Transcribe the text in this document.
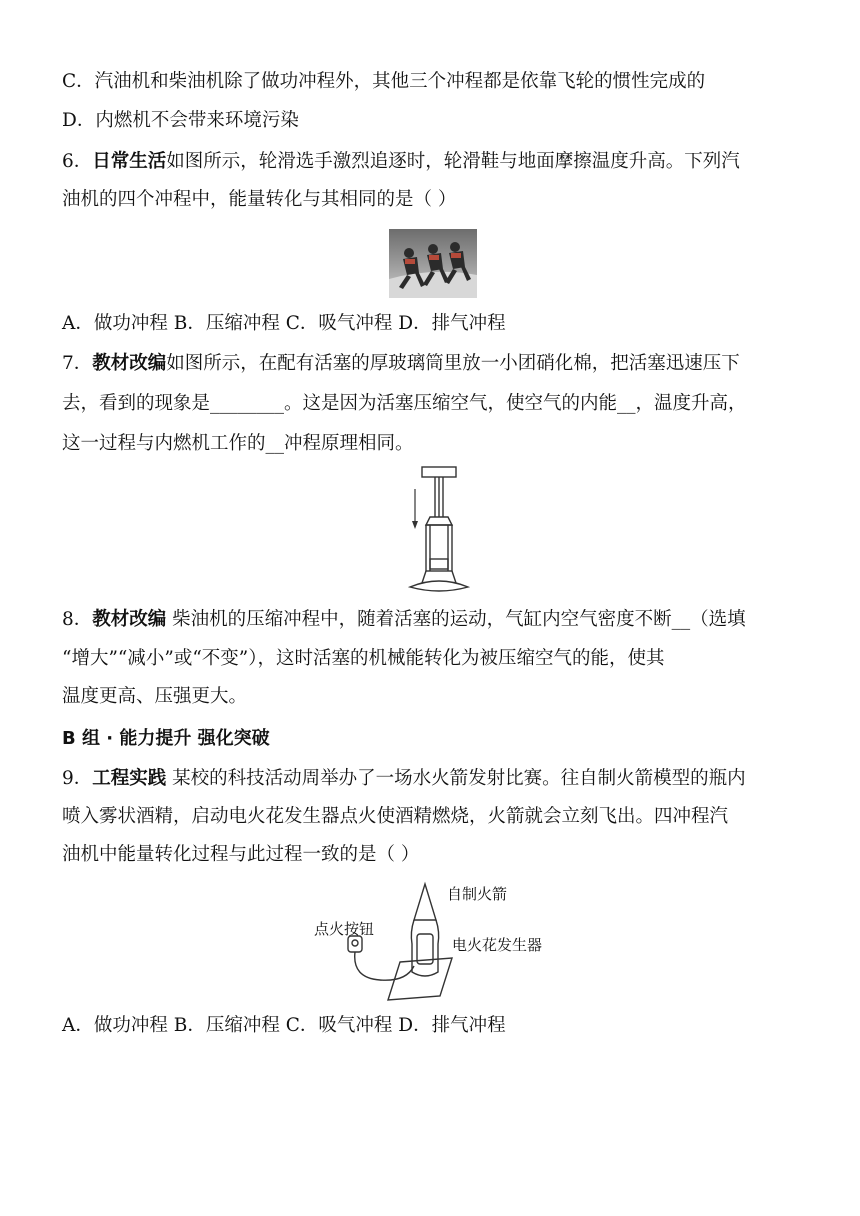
C．汽油机和柴油机除了做功冲程外，其他三个冲程都是依靠飞轮的惯性完成的
D．内燃机不会带来环境污染
6．日常生活如图所示，轮滑选手激烈追逐时，轮滑鞋与地面摩擦温度升高。下列汽
油机的四个冲程中，能量转化与其相同的是（ ）
A．做功冲程 B．压缩冲程 C．吸气冲程 D．排气冲程
7．教材改编如图所示，在配有活塞的厚玻璃筒里放一小团硝化棉，把活塞迅速压下
去，看到的现象是________。这是因为活塞压缩空气，使空气的内能__，温度升高，
这一过程与内燃机工作的__冲程原理相同。
8．教材改编 柴油机的压缩冲程中，随着活塞的运动，气缸内空气密度不断__（选填
“增大”“减小”或“不变”），这时活塞的机械能转化为被压缩空气的能，使其
温度更高、压强更大。
B 组 · 能力提升 强化突破
9．工程实践 某校的科技活动周举办了一场水火箭发射比赛。往自制火箭模型的瓶内
喷入雾状酒精，启动电火花发生器点火使酒精燃烧，火箭就会立刻飞出。四冲程汽
油机中能量转化过程与此过程一致的是（ ）
自制火箭
点火按钮
电火花发生器
A．做功冲程 B．压缩冲程 C．吸气冲程 D．排气冲程
